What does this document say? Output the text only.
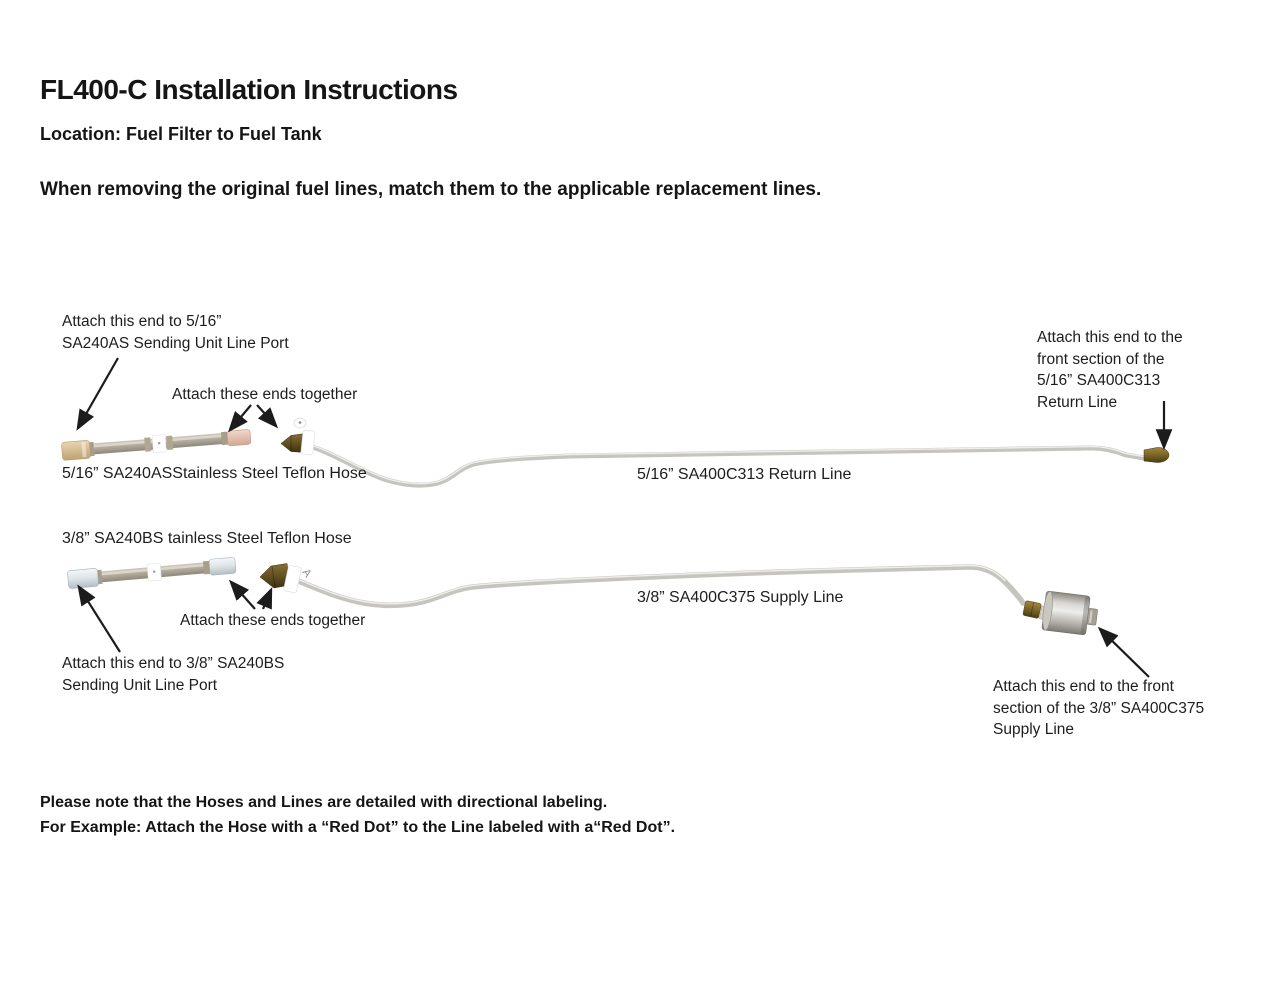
A
FL400-C Installation Instructions
Location: Fuel Filter to Fuel Tank
When removing the original fuel lines, match them to the applicable replacement lines.
Attach this end to 5/16”
SA240AS Sending Unit Line Port
Attach these ends together
5/16” SA240ASStainless Steel Teflon Hose	5/16” SA400C313 Return Line
Attach this end to the
front section of the
5/16” SA400C313
Return Line
3/8” SA240BS tainless Steel Teflon Hose
3/8” SA400C375 Supply Line
Attach these ends together
Attach this end to 3/8” SA240BS
Sending Unit Line Port	Attach this end to the front
section of the 3/8” SA400C375
Supply Line
Please note that the Hoses and Lines are detailed with directional labeling.
For Example: Attach the Hose with a “Red Dot” to the Line labeled with a“Red Dot”.
